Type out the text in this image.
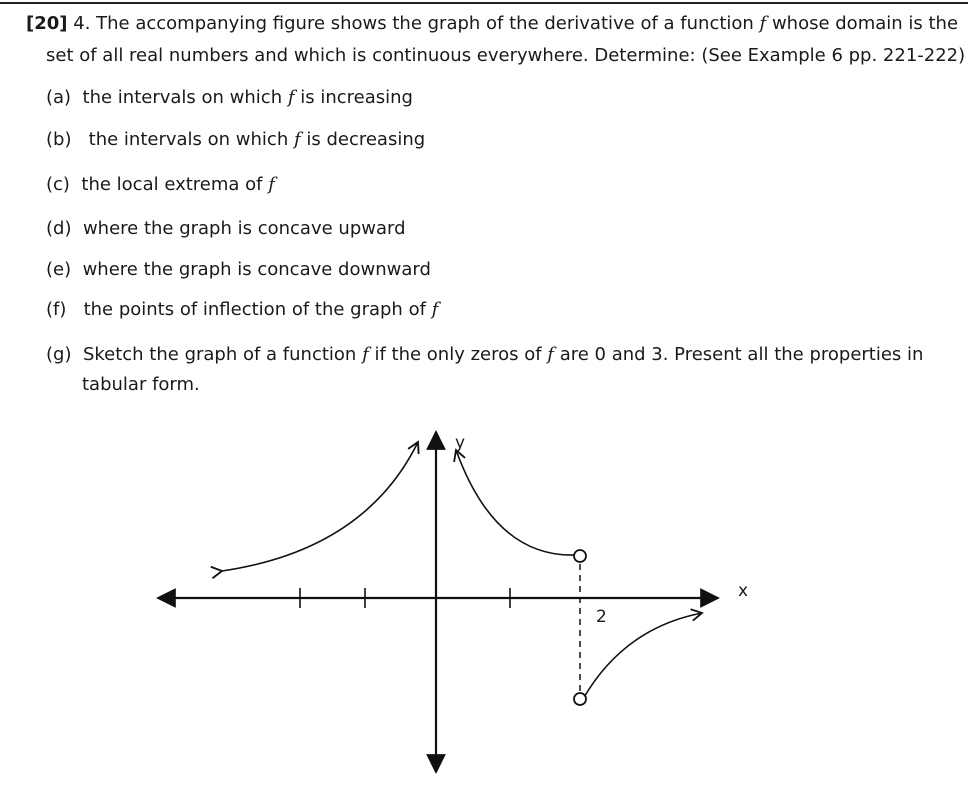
[20] 4. The accompanying figure shows the graph of the derivative of a function f whose domain is the
set of all real numbers and which is continuous everywhere. Determine: (See Example 6 pp. 221-222)
(a) the intervals on which f is increasing
(b) the intervals on which f is decreasing
(c) the local extrema of f
(d) where the graph is concave upward
(e) where the graph is concave downward
(f) the points of inflection of the graph of f
(g) Sketch the graph of a function f if the only zeros of f are 0 and 3. Present all the properties in
tabular form.
x
y
2
